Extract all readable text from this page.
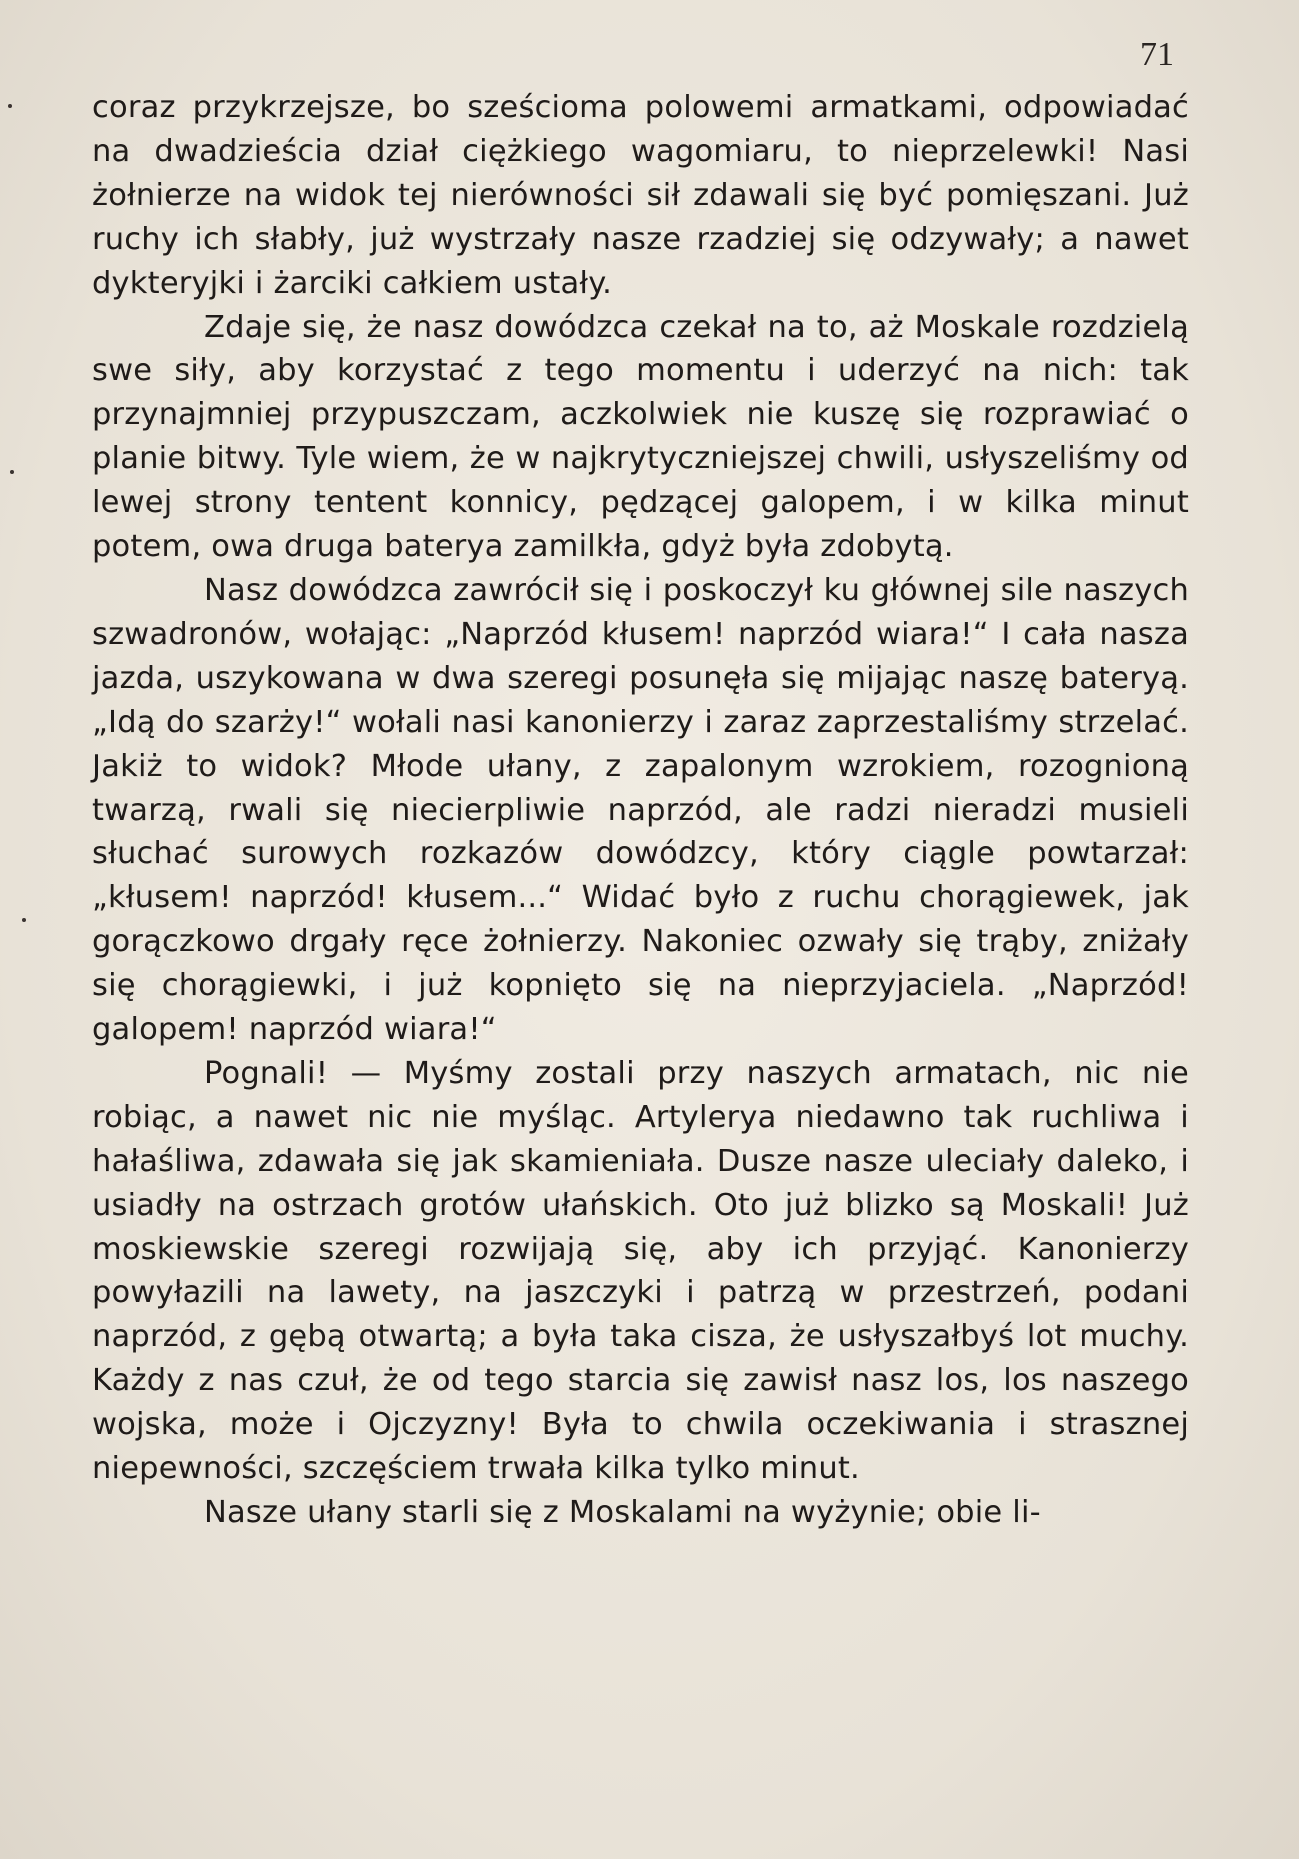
71

coraz przykrzejsze, bo sześcioma polowemi armatkami, odpowiadać na dwadzieścia dział ciężkiego wagomiaru, to nieprzelewki! Nasi żołnierze na widok tej nierówności sił zdawali się być pomięszani. Już ruchy ich słabły, już wystrzały nasze rzadziej się odzywały; a nawet dykteryjki i żarciki całkiem ustały.

Zdaje się, że nasz dowódzca czekał na to, aż Moskale rozdzielą swe siły, aby korzystać z tego momentu i uderzyć na nich: tak przynajmniej przypuszczam, aczkolwiek nie kuszę się rozprawiać o planie bitwy. Tyle wiem, że w najkrytyczniejszej chwili, usłyszeliśmy od lewej strony tentent konnicy, pędzącej galopem, i w kilka minut potem, owa druga baterya zamilkła, gdyż była zdobytą.

Nasz dowódzca zawrócił się i poskoczył ku głównej sile naszych szwadronów, wołając: „Naprzód kłusem! naprzód wiara!“ I cała nasza jazda, uszykowana w dwa szeregi posunęła się mijając naszę bateryą. „Idą do szarży!“ wołali nasi kanonierzy i zaraz zaprzestaliśmy strzelać. Jakiż to widok? Młode ułany, z zapalonym wzrokiem, rozognioną twarzą, rwali się niecierpliwie naprzód, ale radzi nieradzi musieli słuchać surowych rozkazów dowódzcy, który ciągle powtarzał: „kłusem! naprzód! kłusem...“ Widać było z ruchu chorągiewek, jak gorączkowo drgały ręce żołnierzy. Nakoniec ozwały się trąby, zniżały się chorągiewki, i już kopnięto się na nieprzyjaciela. „Naprzód! galopem! naprzód wiara!“

Pognali! — Myśmy zostali przy naszych armatach, nic nie robiąc, a nawet nic nie myśląc. Artylerya niedawno tak ruchliwa i hałaśliwa, zdawała się jak skamieniała. Dusze nasze uleciały daleko, i usiadły na ostrzach grotów ułańskich. Oto już blizko są Moskali! Już moskiewskie szeregi rozwijają się, aby ich przyjąć. Kanonierzy powyłazili na lawety, na jaszczyki i patrzą w przestrzeń, podani naprzód, z gębą otwartą; a była taka cisza, że usłyszałbyś lot muchy. Każdy z nas czuł, że od tego starcia się zawisł nasz los, los naszego wojska, może i Ojczyzny! Była to chwila oczekiwania i strasznej niepewności, szczęściem trwała kilka tylko minut.

Nasze ułany starli się z Moskalami na wyżynie; obie li-
